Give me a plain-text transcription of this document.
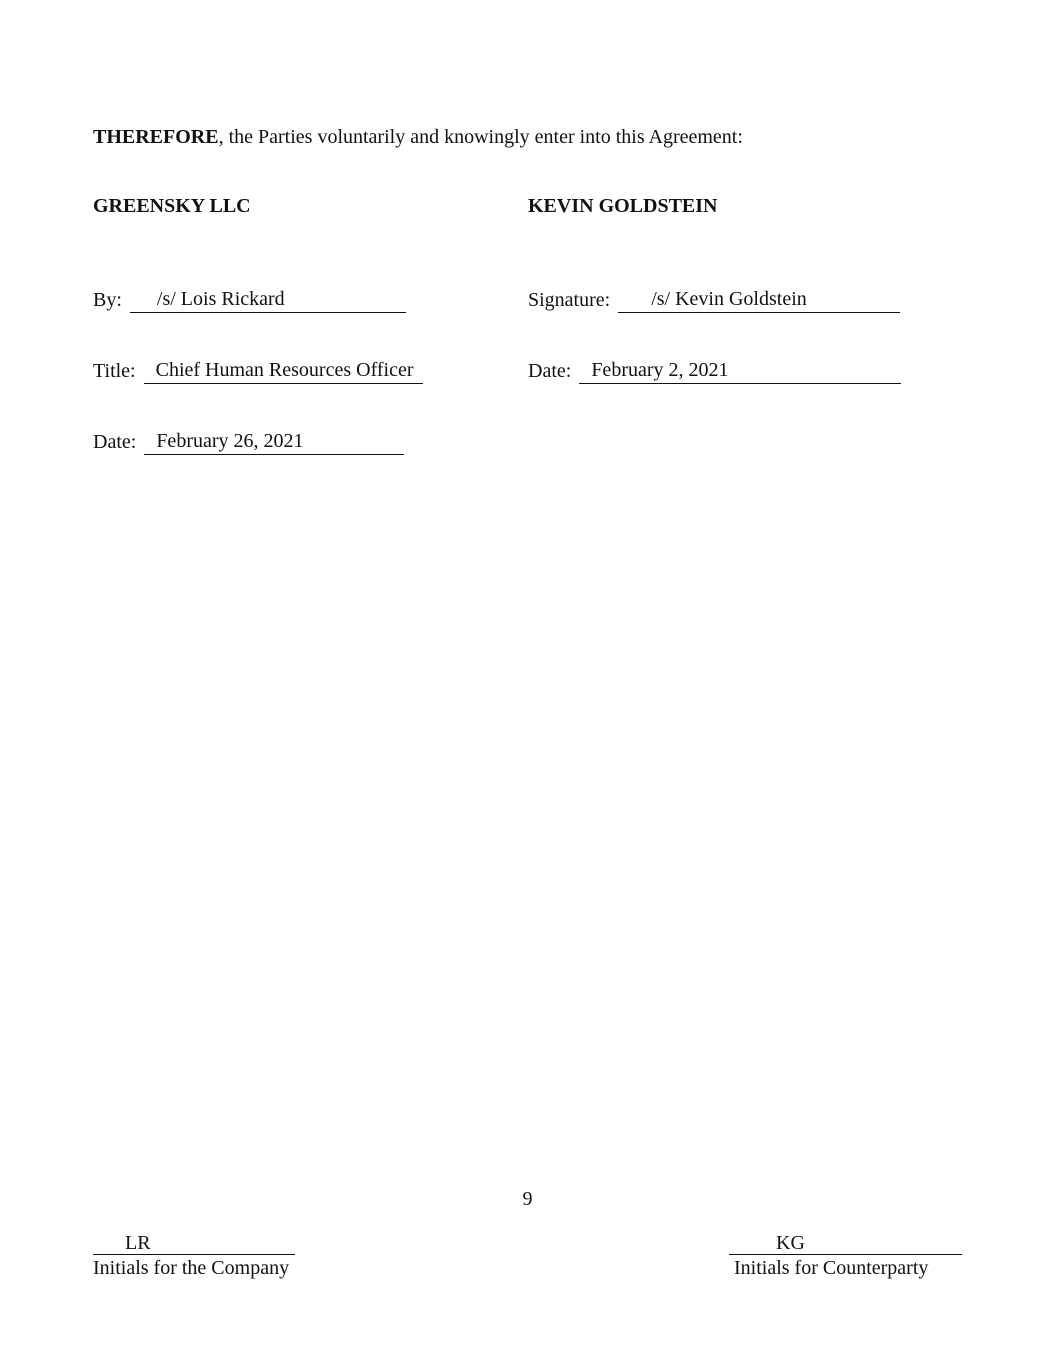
THEREFORE, the Parties voluntarily and knowingly enter into this Agreement:
GREENSKY LLC	KEVIN GOLDSTEIN
By: /s/ Lois Rickard	Signature: /s/ Kevin Goldstein
Title: Chief Human Resources Officer	Date: February 2, 2021
Date: February 26, 2021
9
LR
Initials for the Company
KG
Initials for Counterparty
